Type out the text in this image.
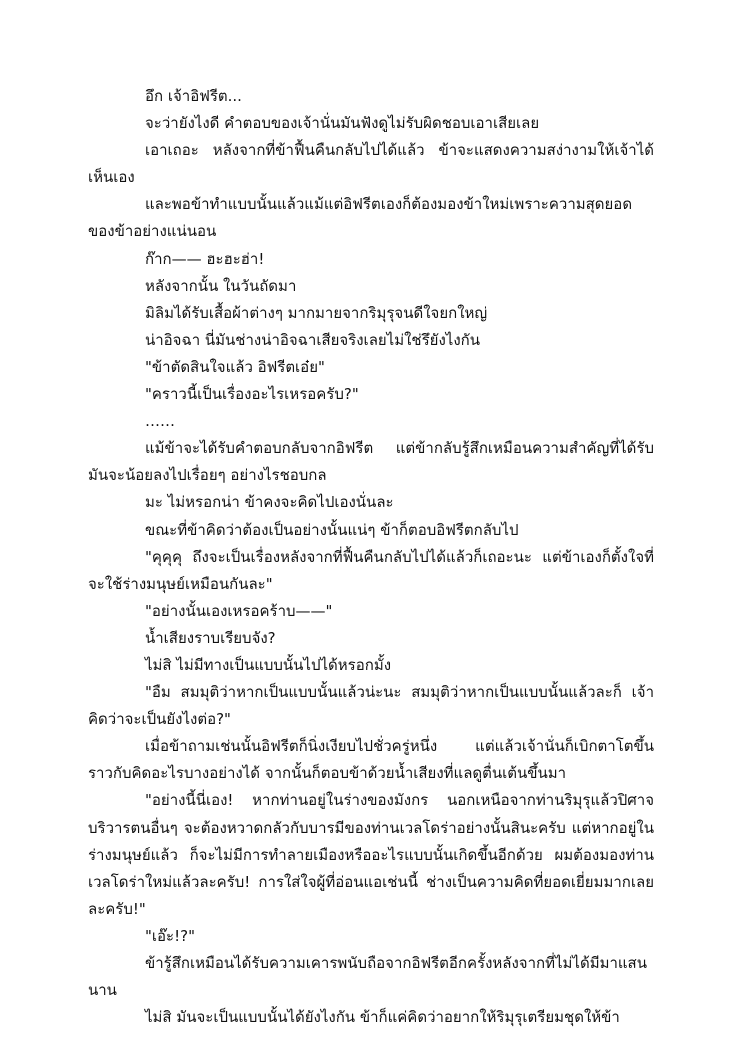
อึก เจ้าอิฟรีต...

จะว่ายังไงดี คำตอบของเจ้านั่นมันฟังดูไม่รับผิดชอบเอาเสียเลย

เอาเถอะ หลังจากที่ข้าฟื้นคืนกลับไปได้แล้ว ข้าจะแสดงความสง่างามให้เจ้าได้เห็นเอง

และพอข้าทำแบบนั้นแล้วแม้แต่อิฟรีตเองก็ต้องมองข้าใหม่เพราะความสุดยอดของข้าอย่างแน่นอน

ก๊าก—— ฮะฮะฮ่า!

หลังจากนั้น ในวันถัดมา

มิลิมได้รับเสื้อผ้าต่างๆ มากมายจากริมุรุจนดีใจยกใหญ่

น่าอิจฉา นี่มันช่างน่าอิจฉาเสียจริงเลยไม่ใช่รึยังไงกัน

"ข้าตัดสินใจแล้ว อิฟรีตเอ๋ย"

"คราวนี้เป็นเรื่องอะไรเหรอครับ?"

……

แม้ข้าจะได้รับคำตอบกลับจากอิฟรีต แต่ข้ากลับรู้สึกเหมือนความสำคัญที่ได้รับมันจะน้อยลงไปเรื่อยๆ อย่างไรชอบกล

มะ ไม่หรอกน่า ข้าคงจะคิดไปเองนั่นละ

ขณะที่ข้าคิดว่าต้องเป็นอย่างนั้นแน่ๆ ข้าก็ตอบอิฟรีตกลับไป

"คุคุคุ ถึงจะเป็นเรื่องหลังจากที่ฟื้นคืนกลับไปได้แล้วก็เถอะนะ แต่ข้าเองก็ตั้งใจที่จะใช้ร่างมนุษย์เหมือนกันละ"

"อย่างนั้นเองเหรอคร้าบ——"

น้ำเสียงราบเรียบจัง?

ไม่สิ ไม่มีทางเป็นแบบนั้นไปได้หรอกมั้ง

"อืม สมมุติว่าหากเป็นแบบนั้นแล้วน่ะนะ สมมุติว่าหากเป็นแบบนั้นแล้วละก็ เจ้าคิดว่าจะเป็นยังไงต่อ?"

เมื่อข้าถามเช่นนั้นอิฟรีตก็นิ่งเงียบไปชั่วครู่หนึ่ง แต่แล้วเจ้านั่นก็เบิกตาโตขึ้นราวกับคิดอะไรบางอย่างได้ จากนั้นก็ตอบข้าด้วยน้ำเสียงที่แลดูตื่นเต้นขึ้นมา

"อย่างนี้นี่เอง! หากท่านอยู่ในร่างของมังกร นอกเหนือจากท่านริมุรุแล้วปิศาจบริวารตนอื่นๆ จะต้องหวาดกลัวกับบารมีของท่านเวลโดร่าอย่างนั้นสินะครับ แต่หากอยู่ในร่างมนุษย์แล้ว ก็จะไม่มีการทำลายเมืองหรืออะไรแบบนั้นเกิดขึ้นอีกด้วย ผมต้องมองท่านเวลโดร่าใหม่แล้วละครับ! การใส่ใจผู้ที่อ่อนแอเช่นนี้ ช่างเป็นความคิดที่ยอดเยี่ยมมากเลยละครับ!"

"เอ๊ะ!?"

ข้ารู้สึกเหมือนได้รับความเคารพนับถือจากอิฟรีตอีกครั้งหลังจากที่ไม่ได้มีมาแสนนาน

ไม่สิ มันจะเป็นแบบนั้นได้ยังไงกัน ข้าก็แค่คิดว่าอยากให้ริมุรุเตรียมชุดให้ข้า
